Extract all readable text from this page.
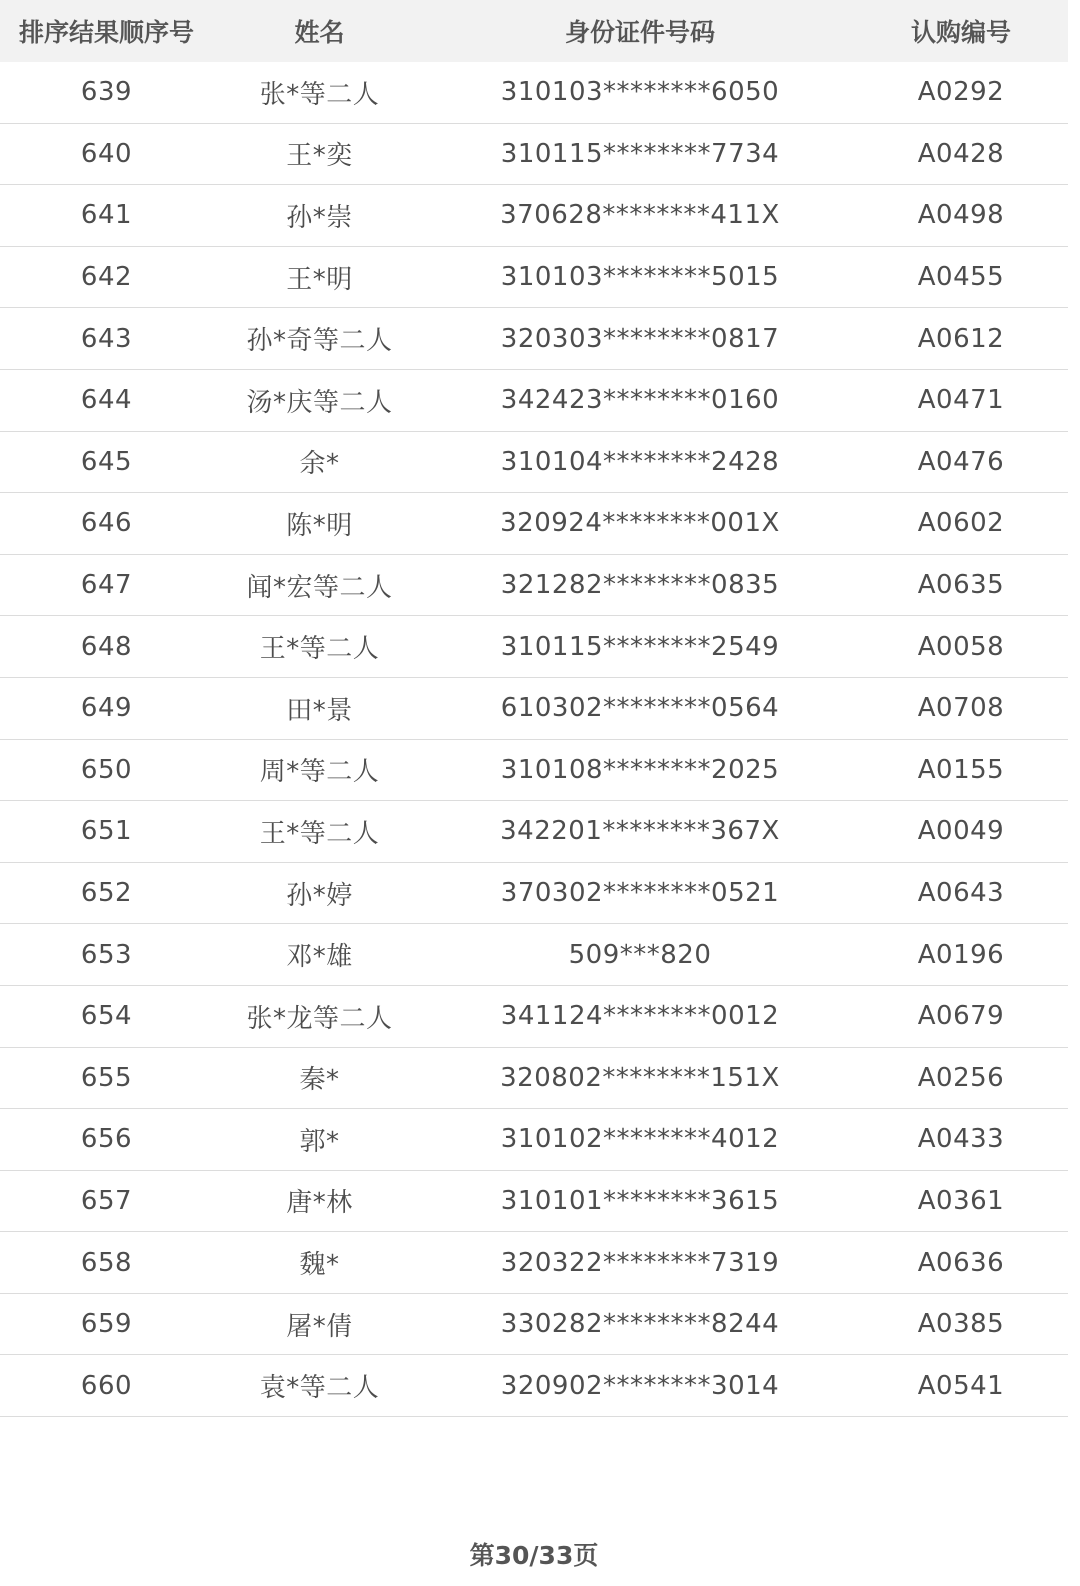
排序结果顺序号	姓名	身份证件号码	认购编号
639	张*等二人	310103********6050	A0292
640	王*奕	310115********7734	A0428
641	孙*崇	370628********411X	A0498
642	王*明	310103********5015	A0455
643	孙*奇等二人	320303********0817	A0612
644	汤*庆等二人	342423********0160	A0471
645	余*	310104********2428	A0476
646	陈*明	320924********001X	A0602
647	闻*宏等二人	321282********0835	A0635
648	王*等二人	310115********2549	A0058
649	田*景	610302********0564	A0708
650	周*等二人	310108********2025	A0155
651	王*等二人	342201********367X	A0049
652	孙*婷	370302********0521	A0643
653	邓*雄	509***820	A0196
654	张*龙等二人	341124********0012	A0679
655	秦*	320802********151X	A0256
656	郭*	310102********4012	A0433
657	唐*林	310101********3615	A0361
658	魏*	320322********7319	A0636
659	屠*倩	330282********8244	A0385
660	袁*等二人	320902********3014	A0541
第30/33页
